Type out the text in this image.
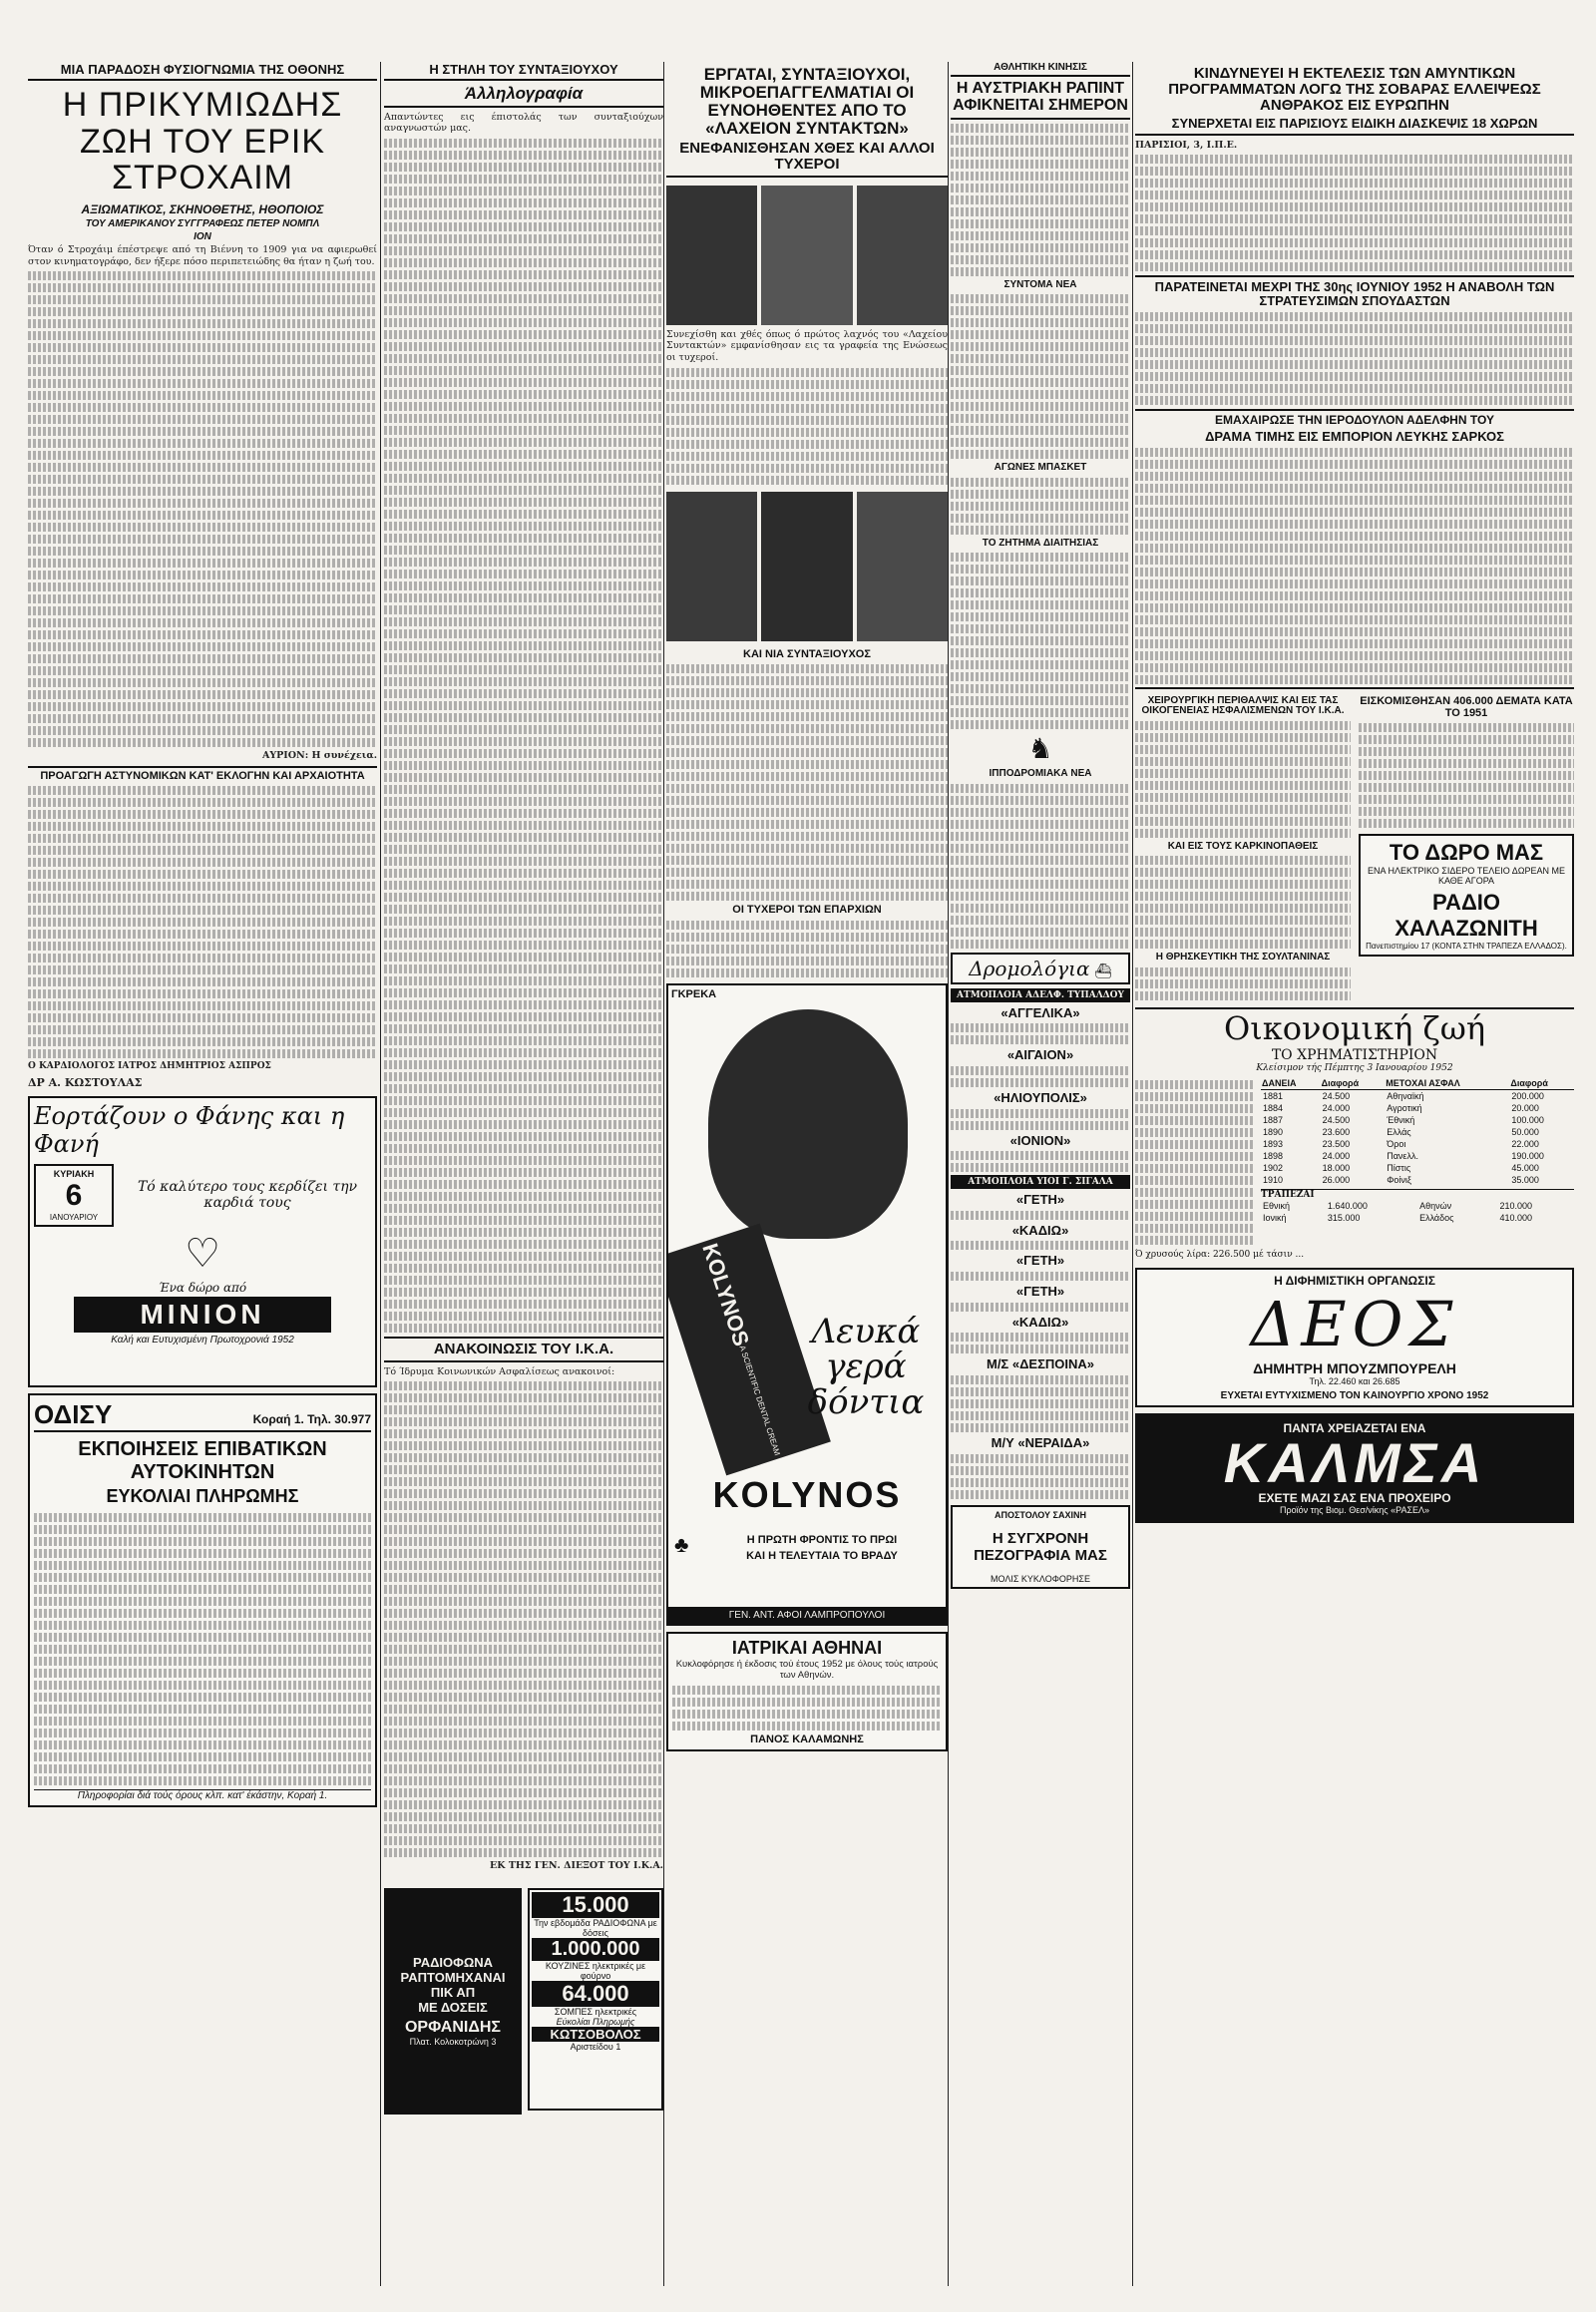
ΜΙΑ ΠΑΡΑΔΟΣΗ ΦΥΣΙΟΓΝΩΜΙΑ ΤΗΣ ΟΘΟΝΗΣ
Η ΠΡΙΚΥΜΙΩΔΗΣ ΖΩΗ ΤΟΥ ΕΡΙΚ ΣΤΡΟΧΑΙΜ
ΑΞΙΩΜΑΤΙΚΟΣ, ΣΚΗΝΟΘΕΤΗΣ, ΗΘΟΠΟΙΟΣ
ΤΟΥ ΑΜΕΡΙΚΑΝΟΥ ΣΥΓΓΡΑΦΕΩΣ ΠΕΤΕΡ ΝΟΜΠΛ
ΙΟΝ

Όταν ό Στροχάιμ έπέστρεψε από τη Βιέννη το 1909 για να αφιερωθεί στον κινηματογράφο, δεν ήξερε πόσο περιπετειώδης θα ήταν η ζωή του.

ΑΥΡΙΟΝ: Η συνέχεια.

ΠΡΟΑΓΩΓΗ ΑΣΤΥΝΟΜΙΚΩΝ ΚΑΤ' ΕΚΛΟΓΗΝ ΚΑΙ ΑΡΧΑΙΟΤΗΤΑ
Ο ΚΑΡΔΙΟΛΟΓΟΣ ΙΑΤΡΟΣ ΔΗΜΗΤΡΙΟΣ ΑΣΠΡΟΣ
ΔΡ Α. ΚΩΣΤΟΥΛΑΣ
Εορτάζουν ο Φάνης και η Φανή
ΚΥΡΙΑΚΗ
6
ΙΑΝΟΥΑΡΙΟΥ
Τό καλύτερο τους κερδίζει την καρδιά τους
♡
Ένα δώρο από
ΜΙΝΙΟΝ
Καλή και Ευτυχισμένη Πρωτοχρονιά 1952
ΟΔΙΣΥ	Κοραή 1. Τηλ. 30.977
ΕΚΠΟΙΗΣΕΙΣ ΕΠΙΒΑΤΙΚΩΝ ΑΥΤΟΚΙΝΗΤΩΝ
ΕΥΚΟΛΙΑΙ ΠΛΗΡΩΜΗΣ
Πληροφορίαι διά τούς όρους κλπ. κατ' έκάστην, Κοραή 1.
Η ΣΤΗΛΗ ΤΟΥ ΣΥΝΤΑΞΙΟΥΧΟΥ
Άλληλογραφία

Απαντώντες εις έπιστολάς των συνταξιούχων αναγνωστών μας.

ΑΝΑΚΟΙΝΩΣΙΣ ΤΟΥ Ι.Κ.Α.

Τό Ίδρυμα Κοινωνικών Ασφαλίσεως ανακοινοί:

ΕΚ ΤΗΣ ΓΕΝ. ΔΙΕΞΟΤ ΤΟΥ Ι.Κ.Α.

ΡΑΔΙΟΦΩΝΑ
ΡΑΠΤΟΜΗΧΑΝΑΙ
ΠΙΚ ΑΠ
ΜΕ ΔΟΣΕΙΣ
ΟΡΦΑΝΙΔΗΣ
Πλατ. Κολοκοτρώνη 3
15.000
Την εβδομάδα ΡΑΔΙΟΦΩΝΑ με δόσεις
1.000.000
ΚΟΥΖΙΝΕΣ ηλεκτρικές με φούρνο
64.000
ΣΟΜΠΕΣ ηλεκτρικές
Εύκολίαι Πληρωμής
ΚΩΤΣΟΒΟΛΟΣ
Αριστείδου 1
ΕΡΓΑΤΑΙ, ΣΥΝΤΑΞΙΟΥΧΟΙ, ΜΙΚΡΟΕΠΑΓΓΕΛΜΑΤΙΑΙ ΟΙ ΕΥΝΟΗΘΕΝΤΕΣ ΑΠΟ ΤΟ «ΛΑΧΕΙΟΝ ΣΥΝΤΑΚΤΩΝ»
ΕΝΕΦΑΝΙΣΘΗΣΑΝ ΧΘΕΣ ΚΑΙ ΑΛΛΟΙ ΤΥΧΕΡΟΙ

Συνεχίσθη και χθές όπως ό πρώτος λαχνός του «Λαχείου Συντακτών» εμφανίσθησαν εις τα γραφεία της Ενώσεως οι τυχεροί.

ΚΑΙ ΝΙΑ ΣΥΝΤΑΞΙΟΥΧΟΣ
ΟΙ ΤΥΧΕΡΟΙ ΤΩΝ ΕΠΑΡΧΙΩΝ
ΓΚΡΕΚΑ
KOLYNOS
A SCIENTIFIC DENTAL CREAM
Λευκά γερά δόντια
KOLYNOS
Η ΠΡΩΤΗ ΦΡΟΝΤΙΣ ΤΟ ΠΡΩΙ
ΚΑΙ Η ΤΕΛΕΥΤΑΙΑ ΤΟ ΒΡΑΔΥ
♣
ΓΕΝ. ΑΝΤ. ΑΦΟΙ ΛΑΜΠΡΟΠΟΥΛΟΙ
ΙΑΤΡΙΚΑΙ ΑΘΗΝΑΙ

Κυκλοφόρησε ή έκδοσις τού έτους 1952 με όλους τούς ιατρούς των Αθηνών.

ΠΑΝΟΣ ΚΑΛΑΜΩΝΗΣ
ΑΘΛΗΤΙΚΗ ΚΙΝΗΣΙΣ
Η ΑΥΣΤΡΙΑΚΗ ΡΑΠΙΝΤ ΑΦΙΚΝΕΙΤΑΙ ΣΗΜΕΡΟΝ
ΣΥΝΤΟΜΑ ΝΕΑ
ΑΓΩΝΕΣ ΜΠΑΣΚΕΤ
ΤΟ ΖΗΤΗΜΑ ΔΙΑΙΤΗΣΙΑΣ
♞
ΙΠΠΟΔΡΟΜΙΑΚΑ ΝΕΑ
Δρομολόγια ⛴
ΑΤΜΟΠΛΟΙΑ ΑΔΕΛΦ. ΤΥΠΑΛΔΟΥ
«ΑΓΓΕΛΙΚΑ»
«ΑΙΓΑΙΟΝ»
«ΗΛΙΟΥΠΟΛΙΣ»
«ΙΟΝΙΟΝ»
ΑΤΜΟΠΛΟΙΑ ΥΙΟΙ Γ. ΣΙΓΑΛΑ
«ΓΕΤΗ»
«ΚΑΔΙΩ»
«ΓΕΤΗ»
«ΓΕΤΗ»
«ΚΑΔΙΩ»
Μ/Σ «ΔΕΣΠΟΙΝΑ»
Μ/Υ «ΝΕΡΑΙΔΑ»
ΑΠΟΣΤΟΛΟΥ ΣΑΧΙΝΗ
Η ΣΥΓΧΡΟΝΗ ΠΕΖΟΓΡΑΦΙΑ ΜΑΣ
ΜΟΛΙΣ ΚΥΚΛΟΦΟΡΗΣΕ
ΚΙΝΔΥΝΕΥΕΙ Η ΕΚΤΕΛΕΣΙΣ ΤΩΝ ΑΜΥΝΤΙΚΩΝ ΠΡΟΓΡΑΜΜΑΤΩΝ ΛΟΓΩ ΤΗΣ ΣΟΒΑΡΑΣ ΕΛΛΕΙΨΕΩΣ ΑΝΘΡΑΚΟΣ ΕΙΣ ΕΥΡΩΠΗΝ
ΣΥΝΕΡΧΕΤΑΙ ΕΙΣ ΠΑΡΙΣΙΟΥΣ ΕΙΔΙΚΗ ΔΙΑΣΚΕΨΙΣ 18 ΧΩΡΩΝ

ΠΑΡΙΣΙΟΙ, 3, Ι.Π.Ε.

ΠΑΡΑΤΕΙΝΕΤΑΙ ΜΕΧΡΙ ΤΗΣ 30ης ΙΟΥΝΙΟΥ 1952 Η ΑΝΑΒΟΛΗ ΤΩΝ ΣΤΡΑΤΕΥΣΙΜΩΝ ΣΠΟΥΔΑΣΤΩΝ
ΕΜΑΧΑΙΡΩΣΕ ΤΗΝ ΙΕΡΟΔΟΥΛΟΝ ΑΔΕΛΦΗΝ ΤΟΥ
ΔΡΑΜΑ ΤΙΜΗΣ ΕΙΣ ΕΜΠΟΡΙΟΝ ΛΕΥΚΗΣ ΣΑΡΚΟΣ
ΧΕΙΡΟΥΡΓΙΚΗ ΠΕΡΙΘΑΛΨΙΣ ΚΑΙ ΕΙΣ ΤΑΣ ΟΙΚΟΓΕΝΕΙΑΣ ΗΣΦΑΛΙΣΜΕΝΩΝ ΤΟΥ Ι.Κ.Α.
ΚΑΙ ΕΙΣ ΤΟΥΣ ΚΑΡΚΙΝΟΠΑΘΕΙΣ
Η ΘΡΗΣΚΕΥΤΙΚΗ ΤΗΣ ΣΟΥΛΤΑΝΙΝΑΣ
ΕΙΣΚΟΜΙΣΘΗΣΑΝ 406.000 ΔΕΜΑΤΑ ΚΑΤΑ ΤΟ 1951
ΤΟ ΔΩΡΟ ΜΑΣ
ΕΝΑ ΗΛΕΚΤΡΙΚΟ ΣΙΔΕΡΟ ΤΕΛΕΙΟ ΔΩΡΕΑΝ ΜΕ ΚΑΘΕ ΑΓΟΡΑ
ΡΑΔΙΟ
ΧΑΛΑΖΩΝΙΤΗ
Πανεπιστημίου 17 (ΚΟΝΤΑ ΣΤΗΝ ΤΡΑΠΕΖΑ ΕΛΛΑΔΟΣ).
Οικονομική ζωή
ΤΟ ΧΡΗΜΑΤΙΣΤΗΡΙΟΝ
Κλείσιμον τής Πέμπτης 3 Ιανουαρίου 1952
ΔΑΝΕΙΑ	Διαφορά	ΜΕΤΟΧΑΙ ΑΣΦΑΛ	Διαφορά
1881	24.500	Αθηναϊκή	200.000
1884	24.000	Αγροτική	20.000
1887	24.500	Έθνική	100.000
1890	23.600	Ελλάς	50.000
1893	23.500	Όροι	22.000
1898	24.000	Πανελλ.	190.000
1902	18.000	Πίστις	45.000
1910	26.000	Φοίνιξ	35.000
ΤΡΑΠΕΖΑΙ
Εθνική	1.640.000	Αθηνών	210.000
Ιονική	315.000	Ελλάδος	410.000
Ό χρυσούς λίρα: 226.500 μέ τάσιν ...
Η ΔΙΦΗΜΙΣΤΙΚΗ ΟΡΓΑΝΩΣΙΣ
ΔΕΟΣ
ΔΗΜΗΤΡΗ ΜΠΟΥΖΜΠΟΥΡΕΛΗ
Τηλ. 22.460 και 26.685
ΕΥΧΕΤΑΙ ΕΥΤΥΧΙΣΜΕΝΟ ΤΟΝ ΚΑΙΝΟΥΡΓΙΟ ΧΡΟΝΟ 1952
ΠΑΝΤΑ ΧΡΕΙΑΖΕΤΑΙ ΕΝΑ
ΚΑΛΜΣΑ
ΕΧΕΤΕ ΜΑΖΙ ΣΑΣ ΕΝΑ ΠΡΟΧΕΙΡΟ
Προϊόν της Βιομ. Θεσ/νίκης «ΡΑΣΕΛ»
